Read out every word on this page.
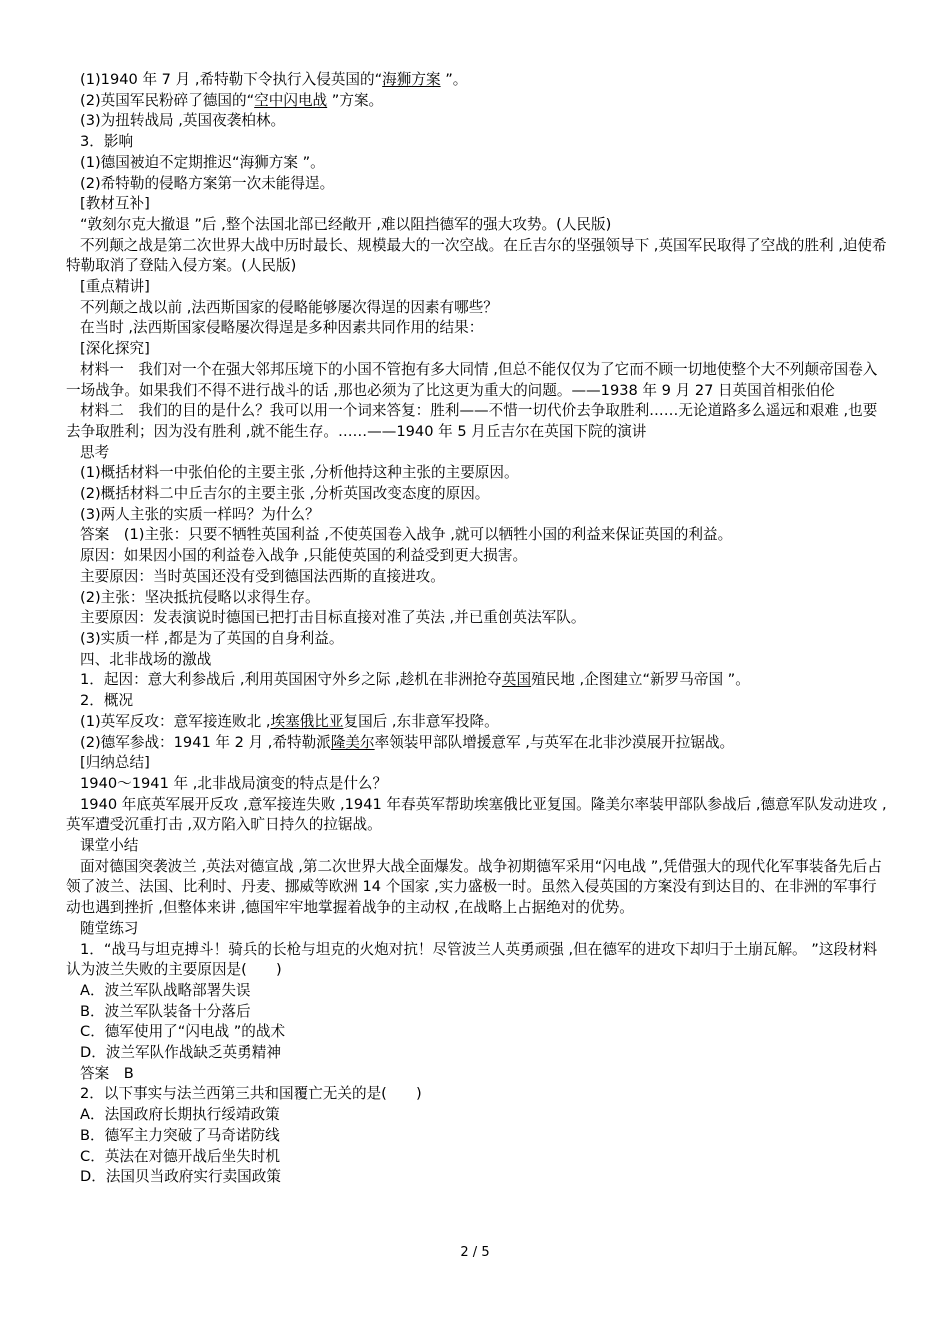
(1)1940 年 7 月 ,希特勒下令执行入侵英国的“海狮方案 ”。

(2)英国军民粉碎了德国的“空中闪电战 ”方案。

(3)为扭转战局 ,英国夜袭柏林。

3．影响

(1)德国被迫不定期推迟“海狮方案 ”。

(2)希特勒的侵略方案第一次未能得逞。

[教材互补]

“敦刻尔克大撤退 ”后 ,整个法国北部已经敞开 ,难以阻挡德军的强大攻势。(人民版)

不列颠之战是第二次世界大战中历时最长、规模最大的一次空战。在丘吉尔的坚强领导下 ,英国军民取得了空战的胜利 ,迫使希特勒取消了登陆入侵方案。(人民版)

[重点精讲]

不列颠之战以前 ,法西斯国家的侵略能够屡次得逞的因素有哪些？

在当时 ,法西斯国家侵略屡次得逞是多种因素共同作用的结果：

[深化探究]

材料一　我们对一个在强大邻邦压境下的小国不管抱有多大同情 ,但总不能仅仅为了它而不顾一切地使整个大不列颠帝国卷入一场战争。如果我们不得不进行战斗的话 ,那也必须为了比这更为重大的问题。——1938 年 9 月 27 日英国首相张伯伦

材料二　我们的目的是什么？我可以用一个词来答复：胜利——不惜一切代价去争取胜利……无论道路多么遥远和艰难 ,也要去争取胜利；因为没有胜利 ,就不能生存。……——1940 年 5 月丘吉尔在英国下院的演讲

思考

(1)概括材料一中张伯伦的主要主张 ,分析他持这种主张的主要原因。

(2)概括材料二中丘吉尔的主要主张 ,分析英国改变态度的原因。

(3)两人主张的实质一样吗？为什么？

答案　(1)主张：只要不牺牲英国利益 ,不使英国卷入战争 ,就可以牺牲小国的利益来保证英国的利益。

原因：如果因小国的利益卷入战争 ,只能使英国的利益受到更大损害。

主要原因：当时英国还没有受到德国法西斯的直接进攻。

(2)主张：坚决抵抗侵略以求得生存。

主要原因：发表演说时德国已把打击目标直接对准了英法 ,并已重创英法军队。

(3)实质一样 ,都是为了英国的自身利益。

四、北非战场的激战

1．起因：意大利参战后 ,利用英国困守外乡之际 ,趁机在非洲抢夺英国殖民地 ,企图建立“新罗马帝国 ”。

2．概况

(1)英军反攻：意军接连败北 ,埃塞俄比亚复国后 ,东非意军投降。

(2)德军参战：1941 年 2 月 ,希特勒派隆美尔率领装甲部队增援意军 ,与英军在北非沙漠展开拉锯战。

[归纳总结]

1940～1941 年 ,北非战局演变的特点是什么？

1940 年底英军展开反攻 ,意军接连失败 ,1941 年春英军帮助埃塞俄比亚复国。隆美尔率装甲部队参战后 ,德意军队发动进攻 ,英军遭受沉重打击 ,双方陷入旷日持久的拉锯战。

课堂小结

面对德国突袭波兰 ,英法对德宣战 ,第二次世界大战全面爆发。战争初期德军采用“闪电战 ”,凭借强大的现代化军事装备先后占领了波兰、法国、比利时、丹麦、挪威等欧洲 14 个国家 ,实力盛极一时。虽然入侵英国的方案没有到达目的、在非洲的军事行动也遇到挫折 ,但整体来讲 ,德国牢牢地掌握着战争的主动权 ,在战略上占据绝对的优势。

随堂练习

1．“战马与坦克搏斗！骑兵的长枪与坦克的火炮对抗！尽管波兰人英勇顽强 ,但在德军的进攻下却归于土崩瓦解。 ”这段材料认为波兰失败的主要原因是(　　)

A．波兰军队战略部署失误

B．波兰军队装备十分落后

C．德军使用了“闪电战 ”的战术

D．波兰军队作战缺乏英勇精神

答案　B

2．以下事实与法兰西第三共和国覆亡无关的是(　　)

A．法国政府长期执行绥靖政策

B．德军主力突破了马奇诺防线

C．英法在对德开战后坐失时机

D．法国贝当政府实行卖国政策

2 / 5
